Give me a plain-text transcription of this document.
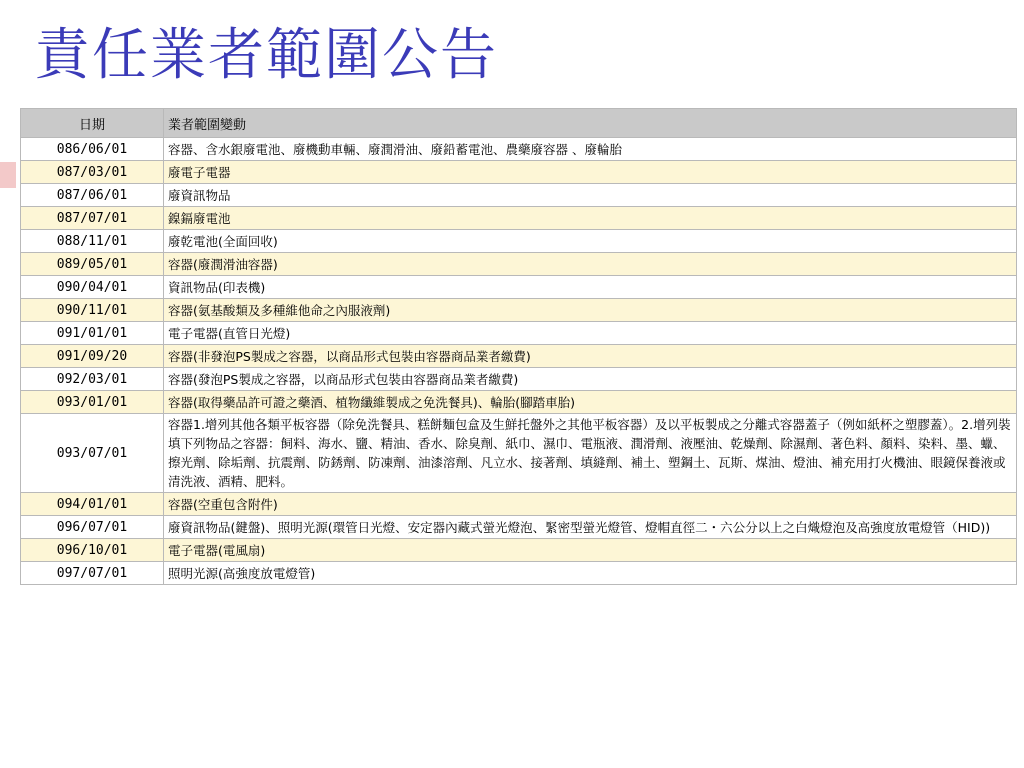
責任業者範圍公告
日期	業者範圍變動
086/06/01	容器、含水銀廢電池、廢機動車輛、廢潤滑油、廢鉛蓄電池、農藥廢容器 、廢輪胎
087/03/01	廢電子電器
087/06/01	廢資訊物品
087/07/01	鎳鎘廢電池
088/11/01	廢乾電池(全面回收)
089/05/01	容器(廢潤滑油容器)
090/04/01	資訊物品(印表機)
090/11/01	容器(氨基酸類及多種維他命之內服液劑)
091/01/01	電子電器(直管日光燈)
091/09/20	容器(非發泡PS製成之容器，以商品形式包裝由容器商品業者繳費)
092/03/01	容器(發泡PS製成之容器，以商品形式包裝由容器商品業者繳費)
093/01/01	容器(取得藥品許可證之藥酒、植物纖維製成之免洗餐具)、輪胎(腳踏車胎)
093/07/01	容器1.增列其他各類平板容器（除免洗餐具、糕餅麵包盒及生鮮托盤外之其他平板容器）及以平板製成之分離式容器蓋子（例如紙杯之塑膠蓋）。2.增列裝填下列物品之容器：飼料、海水、鹽、精油、香水、除臭劑、紙巾、濕巾、電瓶液、潤滑劑、液壓油、乾燥劑、除濕劑、著色料、顏料、染料、墨、蠟、擦光劑、除垢劑、抗震劑、防銹劑、防凍劑、油漆溶劑、凡立水、接著劑、填縫劑、補土、塑鋼土、瓦斯、煤油、燈油、補充用打火機油、眼鏡保養液或清洗液、酒精、肥料。
094/01/01	容器(空重包含附件)
096/07/01	廢資訊物品(鍵盤)、照明光源(環管日光燈、安定器內藏式螢光燈泡、緊密型螢光燈管、燈帽直徑二・六公分以上之白熾燈泡及高強度放電燈管（HID))
096/10/01	電子電器(電風扇)
097/07/01	照明光源(高強度放電燈管)
